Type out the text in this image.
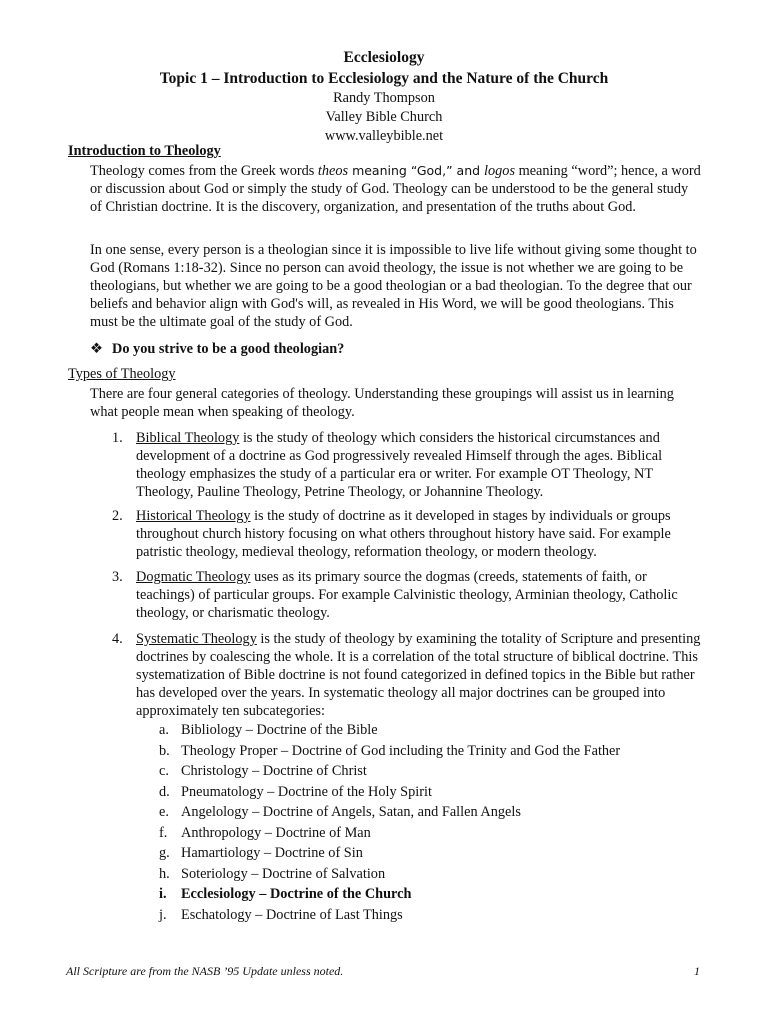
Ecclesiology
Topic 1 – Introduction to Ecclesiology and the Nature of the Church
Randy Thompson
Valley Bible Church
www.valleybible.net
Introduction to Theology

Theology comes from the Greek words theos meaning “God,” and logos meaning “word”; hence, a word or discussion about God or simply the study of God. Theology can be understood to be the general study of Christian doctrine. It is the discovery, organization, and presentation of the truths about God.

In one sense, every person is a theologian since it is impossible to live life without giving some thought to God (Romans 1:18-32). Since no person can avoid theology, the issue is not whether we are going to be theologians, but whether we are going to be a good theologian or a bad theologian. To the degree that our beliefs and behavior align with God's will, as revealed in His Word, we will be good theologians. This must be the ultimate goal of the study of God.

❖ Do you strive to be a good theologian?
Types of Theology

There are four general categories of theology. Understanding these groupings will assist us in learning what people mean when speaking of theology.

1. Biblical Theology is the study of theology which considers the historical circumstances and development of a doctrine as God progressively revealed Himself through the ages. Biblical theology emphasizes the study of a particular era or writer. For example OT Theology, NT Theology, Pauline Theology, Petrine Theology, or Johannine Theology.
2. Historical Theology is the study of doctrine as it developed in stages by individuals or groups throughout church history focusing on what others throughout history have said. For example patristic theology, medieval theology, reformation theology, or modern theology.
3. Dogmatic Theology uses as its primary source the dogmas (creeds, statements of faith, or teachings) of particular groups. For example Calvinistic theology, Arminian theology, Catholic theology, or charismatic theology.
4. Systematic Theology is the study of theology by examining the totality of Scripture and presenting doctrines by coalescing the whole. It is a correlation of the total structure of biblical doctrine. This systematization of Bible doctrine is not found categorized in defined topics in the Bible but rather has developed over the years. In systematic theology all major doctrines can be grouped into approximately ten subcategories:
a. Bibliology – Doctrine of the Bible
b. Theology Proper – Doctrine of God including the Trinity and God the Father
c. Christology – Doctrine of Christ
d. Pneumatology – Doctrine of the Holy Spirit
e. Angelology – Doctrine of Angels, Satan, and Fallen Angels
f. Anthropology – Doctrine of Man
g. Hamartiology – Doctrine of Sin
h. Soteriology – Doctrine of Salvation
i. Ecclesiology – Doctrine of the Church
j. Eschatology – Doctrine of Last Things
All Scripture are from the NASB ’95 Update unless noted.	1
